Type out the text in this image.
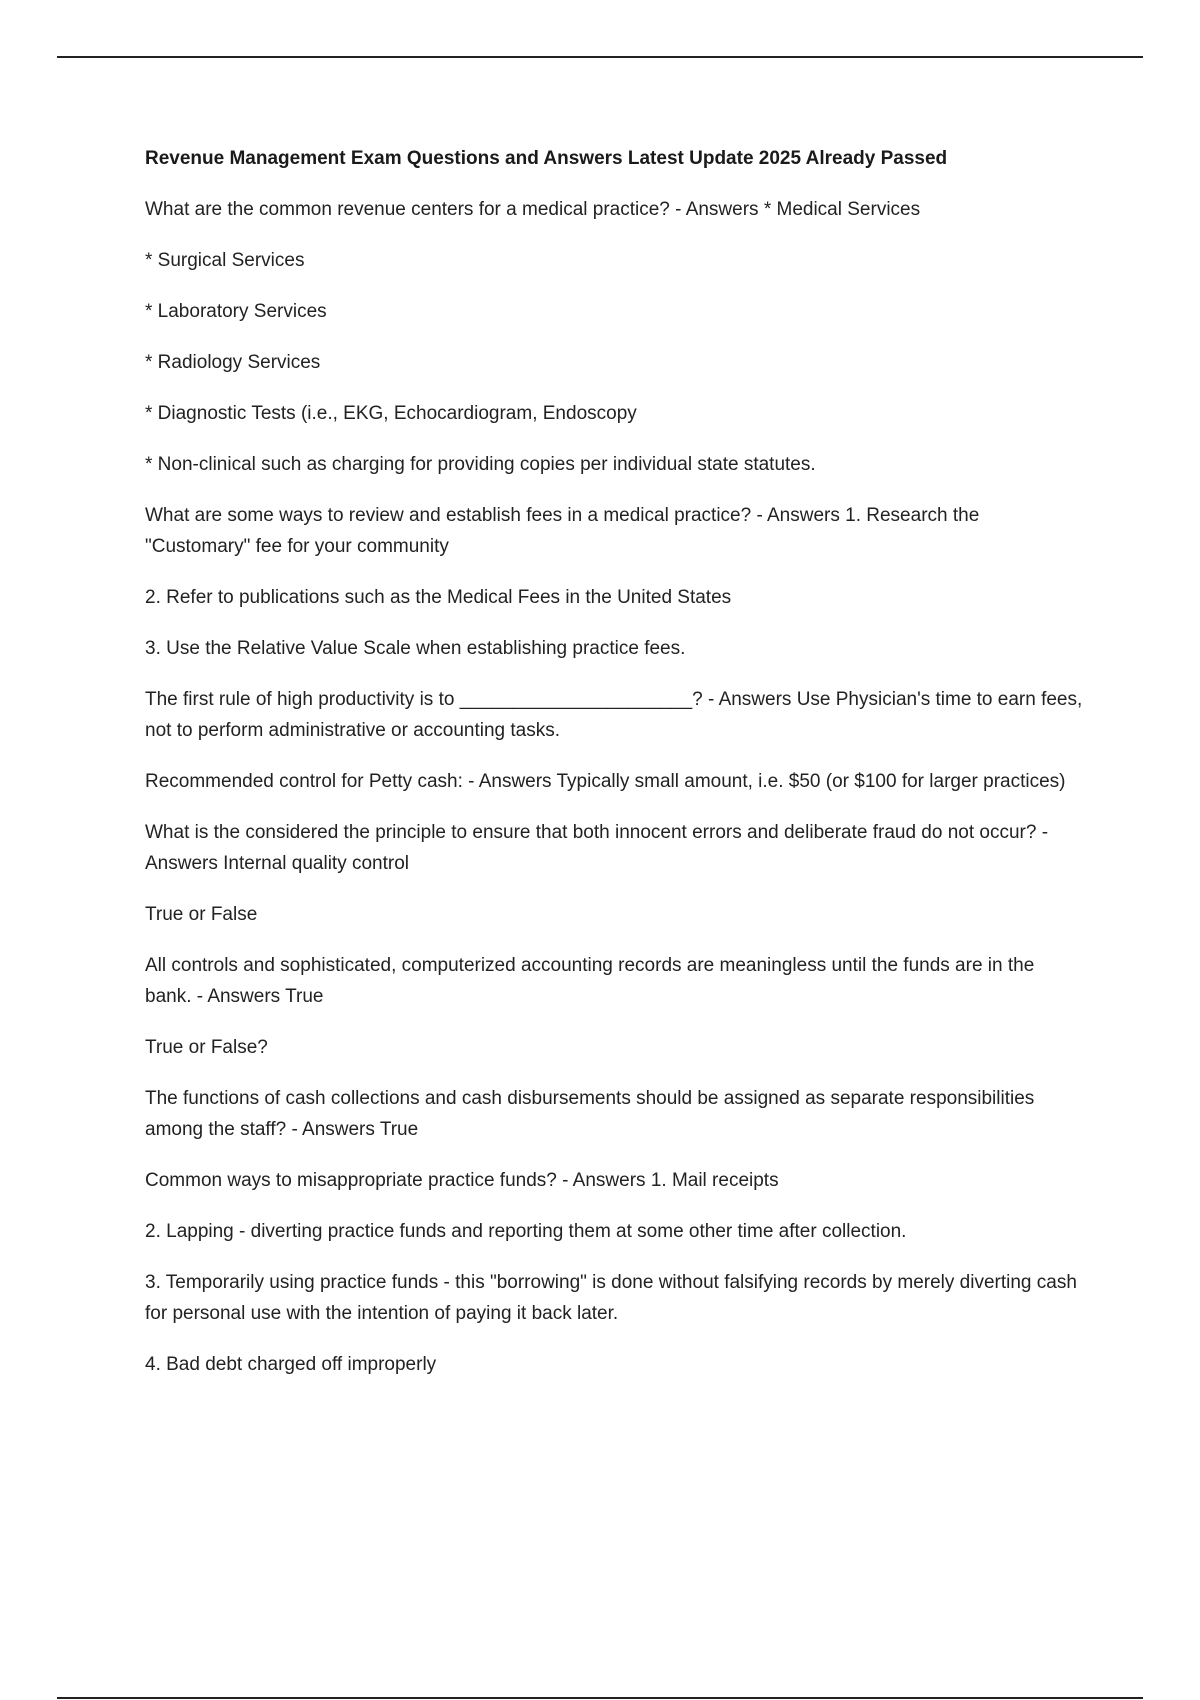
Revenue Management Exam Questions and Answers Latest Update 2025 Already Passed

What are the common revenue centers for a medical practice? - Answers * Medical Services

* Surgical Services

* Laboratory Services

* Radiology Services

* Diagnostic Tests (i.e., EKG, Echocardiogram, Endoscopy

* Non-clinical such as charging for providing copies per individual state statutes.

What are some ways to review and establish fees in a medical practice? - Answers 1. Research the "Customary" fee for your community

2. Refer to publications such as the Medical Fees in the United States

3. Use the Relative Value Scale when establishing practice fees.

The first rule of high productivity is to ______________________? - Answers Use Physician's time to earn fees, not to perform administrative or accounting tasks.

Recommended control for Petty cash: - Answers Typically small amount, i.e. $50 (or $100 for larger practices)

What is the considered the principle to ensure that both innocent errors and deliberate fraud do not occur? - Answers Internal quality control

True or False

All controls and sophisticated, computerized accounting records are meaningless until the funds are in the bank. - Answers True

True or False?

The functions of cash collections and cash disbursements should be assigned as separate responsibilities among the staff? - Answers True

Common ways to misappropriate practice funds? - Answers 1. Mail receipts

2. Lapping - diverting practice funds and reporting them at some other time after collection.

3. Temporarily using practice funds - this "borrowing" is done without falsifying records by merely diverting cash for personal use with the intention of paying it back later.

4. Bad debt charged off improperly
